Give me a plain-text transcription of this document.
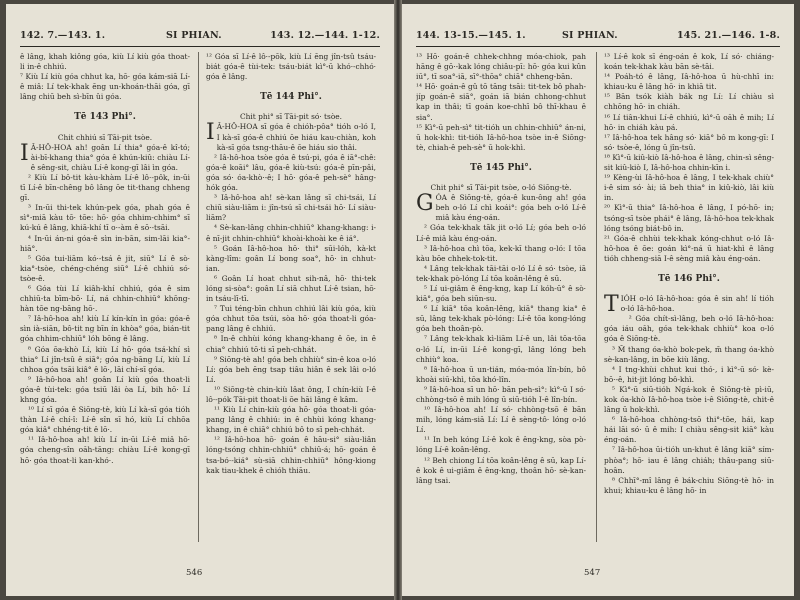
142. 7.—143. 1.	SI PHIAN.	143. 12.—144. 1-12.

ê lâng, khah kiông góa, kiù Lí kiù góa thoat-li in-ê chhiú.

⁷ Kiù Lí kiù góa chhut ka, hō· góa kám-siā Lí-ê miâ: Lí tek-khak ēng un-khoán-thāi góa, gī lâng chiū beh sì-bīn ûi góa.

Tē 143 Phi°.

Chit chhiú sī Tāi-pit tsòe.

I Â-HÔ-HOA ah! goân Lí thia° góa-ê kî-tó; ài-bī-khang thia° góa ê khún-kiû: chiàu Lí-ê sêng-sit, chiàu Lí-ê kong-gī lâi ìn góa.

² Kiù Lí bô-tit kàu-khàm Lí-ê lô·-pôk, in-ūi tī Lí-ê bīn-chêng bô lâng ōe tit-thang chheng gī.

³ In-ūi thi-tek khún-pek góa, phah góa ê sì°-miā kàu tō· tōe: hō· góa chhim-chhim° sī kú-kú ê lâng, khiā-khí tī o·-àm ê sō·-tsāi.

⁴ In-ūi án-ni góa-ê sìn in-bān, sim-lāi kia°-hiā°.

⁵ Góa tui-liām kó·-tsá ê jit, siū° Lí ê sò· kia°-tsòe, chéng-chéng siū° Lí-ê chhiú só· tsòe-ê.

⁶ Góa tùi Lí kiâh-khí chhiú, góa ê sim chhiū-ta bīm-bō· Lí, ná chhin-chhiū° khōng-hàn tōe ng-bāng hō·.

⁷ Iâ-hô-hoa ah! kiù Lí kín-kín ìn góa: góa-ê sìn ià-siān, bô-tit ng bīn ín khòa° góa, bián-tit góa chhim-chhiū° lóh bōng ê lâng.

⁸ Góa ōa-khò Lí, kiù Lí hō· góa tsá-khí sì thia° Lí jîn-tsû ê siā°; góa ng-bāng Lí, kiù Lí chhoa góa tsāi kiâ° ê lō·, lāi chí-sī góa.

⁹ Iâ-hô-hoa ah! goân Lí kiù góa thoat-li góa-ê tùi-tek: góa tsiū lâi òa Lí, bih hō· Lí khng góa.

¹⁰ Lí sī góa ê Siōng-tè, kiù Lí kà-sī góa tióh thàn Lí-ê chí-î: Lí-ê sîn sī hó, kiù Lí chhōa góa kiâ° chhéng-tit ê lō·.

¹¹ Iâ-hô-hoa ah! kiù Lí in-ūi Lí-ê miâ hō· góa cheng-sîn oăh-tāng: chiàu Lí-ê kong-gī hō· góa thoat-li kan-khó·.

¹² Góa sī Lí-ê lô·-pōk, kiù Lí ēng jîn-tsû tsáu-biát góa-ê tùi-tek: tsáu-biát kì°-ū khó·-chhó· góa ê lâng.

Tē 144 Phi°.

Chit phi° sī Tāi-pit só· tsòe.

I Â-HÔ-HOA sī góa ê chióh-pôa° tióh o-ló I, I kà-sī góa-ê chhiú ōe hiáu kau-chiàn, koh kà-sī góa tsng-thāu-ê ōe hiáu sio thâi.

² Iâ-hô-hoa tsòe góa ê tsú-pi, góa ê iā°-chê: góa-ê koāi° lâu, góa-ê kiù-tsú: góa-ê pīn-pâi, góa só· óa-khò·-ê; I hō· góa-ê peh-sè° hâng-hók góa.

³ Iâ-hô-hoa ah! sè-kan lâng sī chi-tsái, Lí chiū siàu-liām i: jîn-tsú sī chi-tsái hō· Lí siàu-liām?

⁴ Sè-kan-lâng chhin-chhiū° khang-khang: i-ê nī-jit chhin-chhiū° khoài-khoài ke ê iá°.

⁵ Goán Iâ-hô-hoa hō· thi° sūi-lóh, kà-kt kàng-lîm: goân Lí bong soa°, hō· in chhut-ian.

⁶ Goân Lí hoat chhut sih-nâ, hō· thi-tek lóng si-sòa°: goân Lí siā chhut Lí-ê tsian, hō· in tsáu-lī-tī.

⁷ Tui téng-bīn chhun chhiú lâi kiù góa, kiù góa chhut tōa tsúi, sòa hō· góa thoat-li góa-pang lâng ê chhiú.

⁸ In-ê chhùi kóng khang-khang ê ōe, in ê chia° chhiú tō·ti sī peh-chhát.

⁹ Siōng-tè ah! góa beh chhiù° sin-ê koa o-ló Lí: góa beh ēng tsap tiâu hiân ê sek lâi o-ló Lí.

¹⁰ Siōng-tè chin-kiù lâat ông, I chín-kiù I-ê lô·-pók Tāi-pit thoat-li ōe hāi lâng ê kâm.

¹¹ Kiù Lí chin-kiù góa hō· góa thoat-li góa-pang lâng ê chhiú: in ê chhùi kóng khang-khang, in ê chiā° chhiú bô to sī peh-chhát.

¹² Iâ-hô-hoa hō· goán ê hāu-si° siàu-liân lóng-tsóng chhin-chhiū° chhiû-á; hō· goán ê tsa-bó·-kiá° sù-siā chhin-chhiū° hông-kiong kak tiau-khek ê chióh thiāu.

546
144. 13-15.—145. 1.	SI PHIAN.	145. 21.—146. 1-8.

¹³ Hō· goán-ê chhek-chhng móa-chiok, pah hāng ê gō·-kak lóng chiâu-pī: hō· góa kui kûn iū°, tī soa°-iā, sī°-thōa° chiā° chheng-bān.

¹⁴ Hō· goán-ê gû tō tāng tsāi: tit-tek bô phah-jíp goán-ê siā°, goán iā bián chhong-chhut kap in thâi; tī goán koe-chhī bô thī-khau ê sia°.

¹⁵ Kì°-ū peh-sì° tit-tióh un chhin-chhiū° án-ni, ū hok-khì: tit-tióh Iâ-hô-hoa tsòe in-ê Siōng-tè, chiah-ê peh-sè° ū hok-khì.

Tē 145 Phi°.

Chit phi° sī Tāi-pit tsòe, o-ló Siōng-tè.

GÓA ê Siōng-tè, góa-ê kun-ông ah! góa beh o-ló Lí chì koái°: góa beh o-ló Lí-ê miâ kàu éng-oán.

² Góa tek-khak tāk jit o-ló Lí; góa beh o-ló Lí-ê miâ kàu éng-oán.

³ Iâ-hô-hoa chì tōa, kek-kī thang o-ló: I tōa kàu bōe chhek-tok-tit.

⁴ Lâng tek-khak tāi-tāi o-ló Lí ê só· tsòe, iā tek-khak pò-lóng Lí tōa koân-lêng ê sū.

⁵ Lí ui-giâm ê êng-kng, kap Lí kóh-ū° ê sò· kiā°, góa beh siūn-su.

⁶ Lí kiā° tōa koân-lêng, kiā° thang kia° ê sū, lâng tek-khak pò-lóng: Lí-ê tōa kong-lóng góa beh thoân-pò.

⁷ Lâng tek-khak kì-liām Lí-ê un, lâi tōa-tōa o-ló Lí, in-ūi Lí-ê kong-gī, lâng lóng beh chhiù° koa.

⁸ Iâ-hô-hoa ū un-tián, móa-móa lîn-bín, bô khoài siū-khì, tōa khó-lîn.

⁹ Iâ-hô-hoa sī un hō· bān peh-sì°: kì°-ū I só· chhòng-tsō ê mih lóng ū siū-tióh I-ê lîn-bín.

¹⁰ Iâ-hô-hoa ah! Lí só· chhòng-tsō ê bān mih, lóng kám-siā Lí: Lí ê sèng-tô· lóng o-ló Lí.

¹¹ In beh kóng Lí-ê kok ê êng-kng, sòa pò-lóng Lí-ê koân-lêng.

¹² Beh chiong Lí tōa koân-lêng ê sū, kap Lí-ê kok ê ui-giâm ê êng-kng, thoân hō· sè-kan-lâng tsai.

¹³ Lí-ê kok sī éng-oán ê kok, Lí só· chiáng-koán tek-khak kàu bān sè-tāi.

¹⁴ Poáh-tó ê lâng, Iâ-hô-hoa ū hù-chhī in: khiau-ku ê lâng hō· in khiā tit.

¹⁵ Bān tsók kiàh bák ng Lí: Lí chiàu sì chhōng hō· in chiáh.

¹⁶ Lí tiân-khui Lí-ê chhiú, kì°-ū oăh ê mih; Lí hō· in chiáh kàu pá.

¹⁷ Iâ-hô-hoa tek hâng só· kiā° bô m kong-gī: I só· tsòe-ê, lóng ū jîn-tsû.

¹⁸ Kì°-ū kiû-kiò Iâ-hô-hoa ê lâng, chin-sì sêng-sit kiû-kiò I, Iâ-hô-hoa chhin-kīn i.

¹⁹ Kèng-ùi Iâ-hô-hoa ê lâng, I tek-khak chiù° i-ê sim só· ài; iā beh thia° in kiû-kiò, lâi kiù in.

²⁰ Kì°-ū thia° Iâ-hô-hoa ê lâng, I pó-hō· in; tsóng-sī tsòe phái° ê lâng, Iâ-hô-hoa tek-khak lóng tsóng biát-bô in.

²¹ Góa-ê chhùi tek-khak kóng-chhut o-ló Iâ-hô-hoa ê ōe: goán kì°-ná ū hiat-khì ê lâng tióh chheng-siā I-ê sèng miâ kàu éng-oán.

Tē 146 Phi°.

TIÓH o-ló Iâ-hô-hoa: góa ê sin ah! lí tióh o-ló Iâ-hô-hoa.

² Góa chít-sì-lâng, beh o-ló Iâ-hô-hoa: góa iáu oăh, góa tek-khak chhiù° koa o-ló góa ê Siōng-tè.

³ M̄ thang óa-khò bok-pek, m̄ thang óa-khò sè-kan-lâng, in bōe kiù lâng.

⁴ I tng-khùi chhut kui thó·, i kì°-ū só· kè-bō·-ê, hit-jit lóng bô-khì.

⁵ Kì°-ū siū-tióh Ngá-kok ê Siōng-tè pì-iū, kok óa-khò Iâ-hô-hoa tsòe i-ê Siōng-tè, chit-ê lâng ū hok-khì.

⁶ Iâ-hô-hoa chhòng-tsō thi°-tōe, hái, kap hái lāi só· ū ê mih: I chiàu sêng-sit kiā° kàu éng-oán.

⁷ Iâ-hô-hoa ūi-tióh un-khut ê lâng kiā° sím-phòa°; hō· iau ê lâng chiáh; thâu-pang siū-hoân.

⁸ Chhī°-mî lâng ê bák-chiu Siōng-tè hō· in khui; khiau-ku ê lâng hō· in

547
